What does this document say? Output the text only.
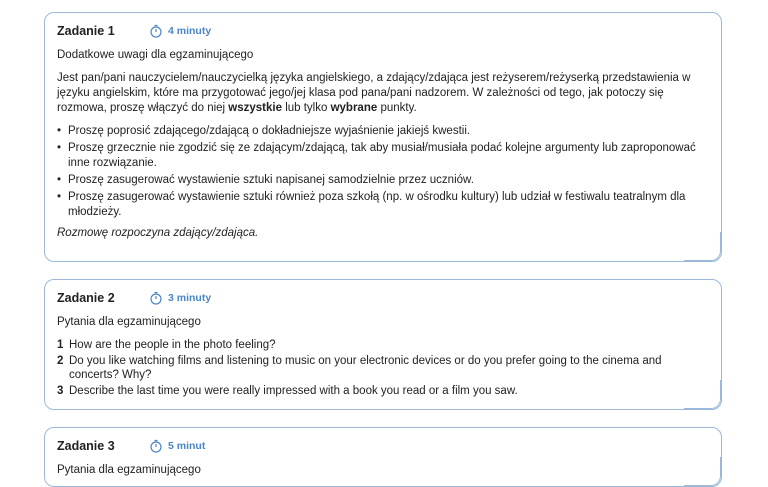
Zadanie 1	4 minuty
Dodatkowe uwagi dla egzaminującego
Jest pan/pani nauczycielem/nauczycielką języka angielskiego, a zdający/zdająca jest reżyserem/reżyserką przedstawienia w języku angielskim, które ma przygotować jego/jej klasa pod pana/pani nadzorem. W zależności od tego, jak potoczy się rozmowa, proszę włączyć do niej wszystkie lub tylko wybrane punkty.
• Proszę poprosić zdającego/zdającą o dokładniejsze wyjaśnienie jakiejś kwestii.
• Proszę grzecznie nie zgodzić się ze zdającym/zdającą, tak aby musiał/musiała podać kolejne argumenty lub zaproponować inne rozwiązanie.
• Proszę zasugerować wystawienie sztuki napisanej samodzielnie przez uczniów.
• Proszę zasugerować wystawienie sztuki również poza szkołą (np. w ośrodku kultury) lub udział w festiwalu teatralnym dla młodzieży.
Rozmowę rozpoczyna zdający/zdająca.
Zadanie 2	3 minuty
Pytania dla egzaminującego
1 How are the people in the photo feeling?
2 Do you like watching films and listening to music on your electronic devices or do you prefer going to the cinema and concerts? Why?
3 Describe the last time you were really impressed with a book you read or a film you saw.
Zadanie 3	5 minut
Pytania dla egzaminującego
